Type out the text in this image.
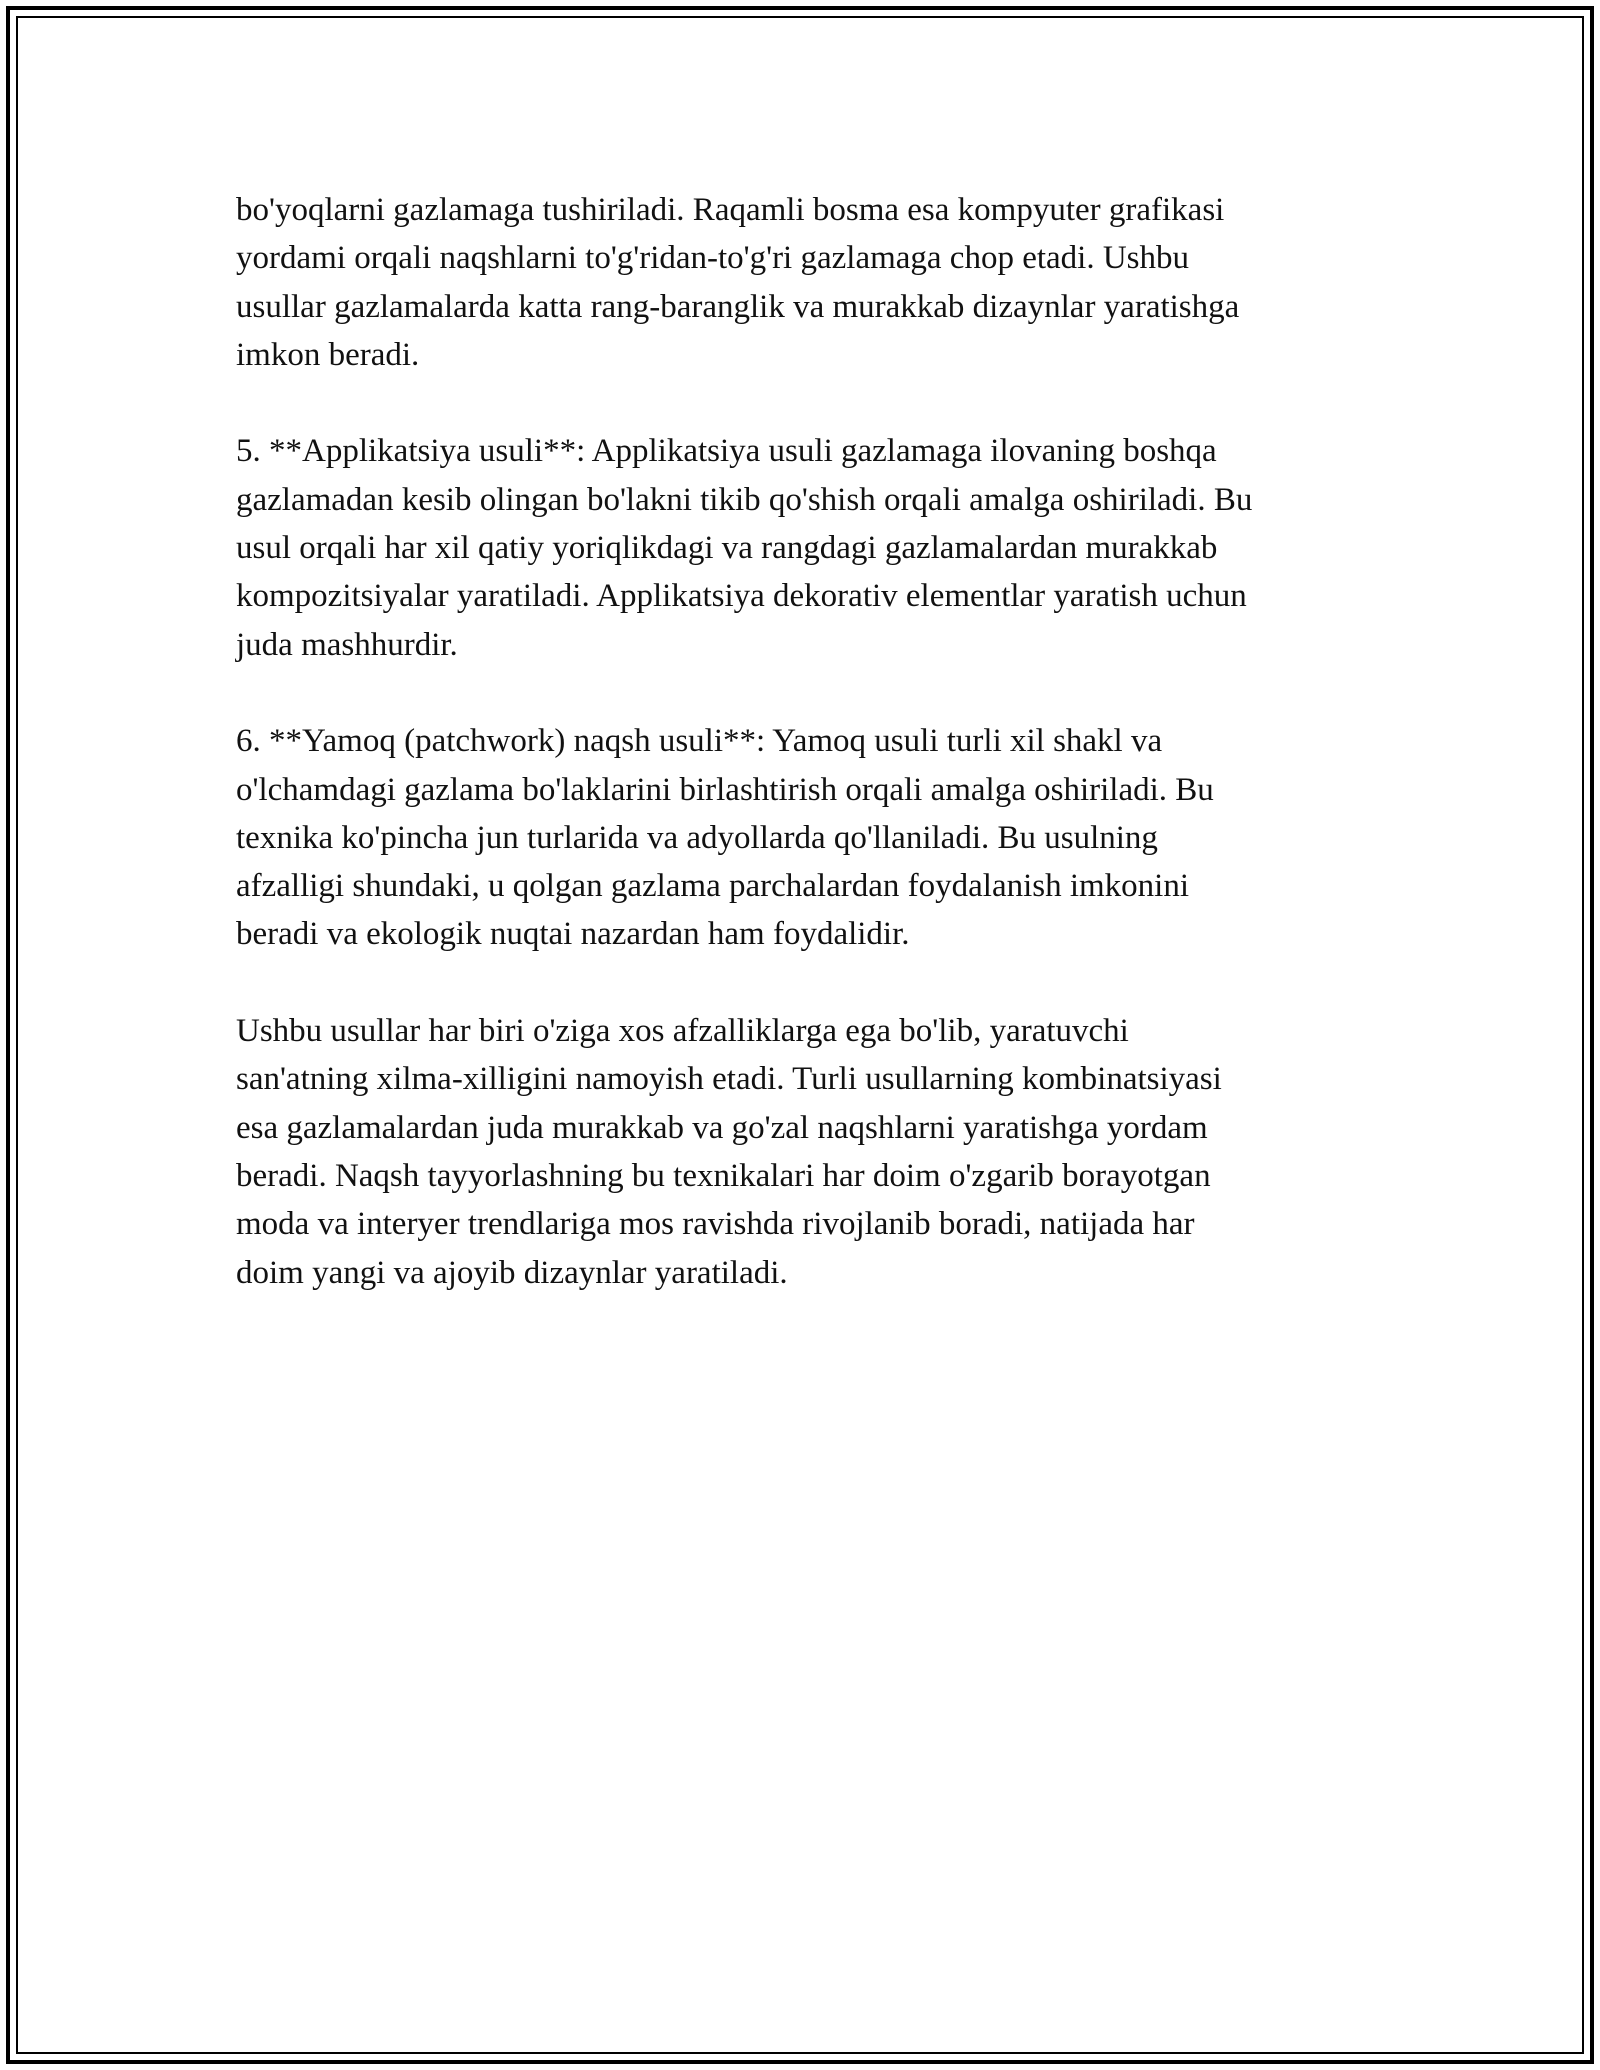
bo'yoqlarni gazlamaga tushiriladi. Raqamli bosma esa kompyuter grafikasi
yordami orqali naqshlarni to'g'ridan-to'g'ri gazlamaga chop etadi. Ushbu
usullar gazlamalarda katta rang-baranglik va murakkab dizaynlar yaratishga
imkon beradi.

5. **Applikatsiya usuli**: Applikatsiya usuli gazlamaga ilovaning boshqa
gazlamadan kesib olingan bo'lakni tikib qo'shish orqali amalga oshiriladi. Bu
usul orqali har xil qatiy yoriqlikdagi va rangdagi gazlamalardan murakkab
kompozitsiyalar yaratiladi. Applikatsiya dekorativ elementlar yaratish uchun
juda mashhurdir.

6. **Yamoq (patchwork) naqsh usuli**: Yamoq usuli turli xil shakl va
o'lchamdagi gazlama bo'laklarini birlashtirish orqali amalga oshiriladi. Bu
texnika ko'pincha jun turlarida va adyollarda qo'llaniladi. Bu usulning
afzalligi shundaki, u qolgan gazlama parchalardan foydalanish imkonini
beradi va ekologik nuqtai nazardan ham foydalidir.

Ushbu usullar har biri o'ziga xos afzalliklarga ega bo'lib, yaratuvchi
san'atning xilma-xilligini namoyish etadi. Turli usullarning kombinatsiyasi
esa gazlamalardan juda murakkab va go'zal naqshlarni yaratishga yordam
beradi. Naqsh tayyorlashning bu texnikalari har doim o'zgarib borayotgan
moda va interyer trendlariga mos ravishda rivojlanib boradi, natijada har
doim yangi va ajoyib dizaynlar yaratiladi.
